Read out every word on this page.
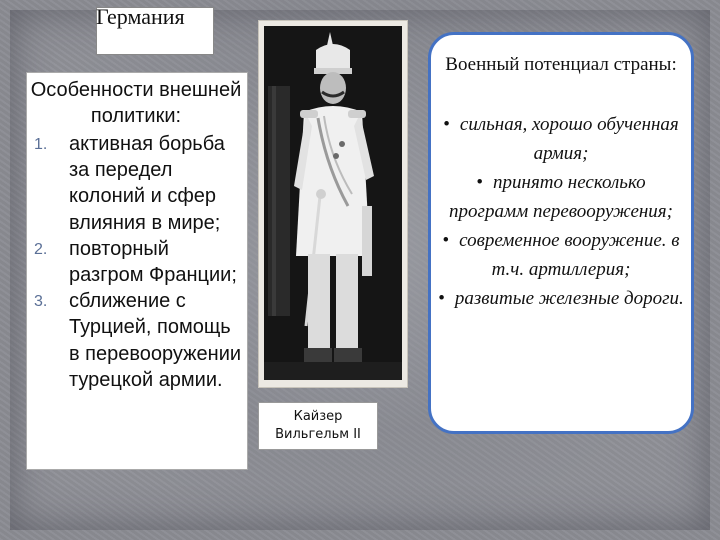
Германия
Особенности внешней политики:
1. активная борьба за передел колоний и сфер влияния в мире;
2. повторный разгром Франции;
3. сближение с Турцией, помощь в перевооружении турецкой армии.
Кайзер
Вильгельм II
Военный потенциал страны:
• сильная, хорошо обученная армия;
• принято несколько программ перевооружения;
• современное вооружение. в т.ч. артиллерия;
• развитые железные дороги.
